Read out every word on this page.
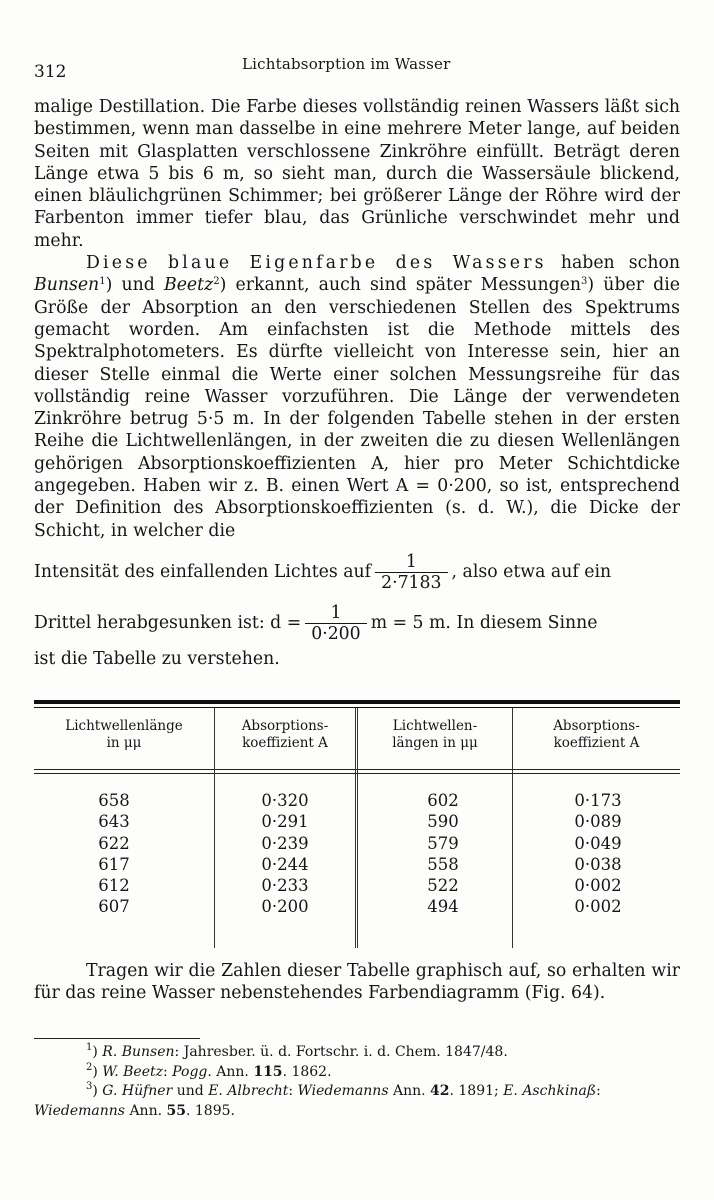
312	Lichtabsorption im Wasser

malige Destillation. Die Farbe dieses vollständig reinen Wassers läßt sich bestimmen, wenn man dasselbe in eine mehrere Meter lange, auf beiden Seiten mit Glasplatten verschlossene Zinkröhre einfüllt. Beträgt deren Länge etwa 5 bis 6 m, so sieht man, durch die Wassersäule blickend, einen bläulichgrünen Schimmer; bei größerer Länge der Röhre wird der Farbenton immer tiefer blau, das Grünliche verschwindet mehr und mehr.

Diese blaue Eigenfarbe des Wassers haben schon Bunsen$^1$) und Beetz$^2$) erkannt, auch sind später Messungen$^3$) über die Größe der Absorption an den verschiedenen Stellen des Spektrums gemacht worden. Am einfachsten ist die Methode mittels des Spektralphotometers. Es dürfte vielleicht von Interesse sein, hier an dieser Stelle einmal die Werte einer solchen Messungsreihe für das vollständig reine Wasser vorzuführen. Die Länge der verwendeten Zinkröhre betrug 5·5 m. In der folgenden Tabelle stehen in der ersten Reihe die Lichtwellenlängen, in der zweiten die zu diesen Wellenlängen gehörigen Absorptionskoeffizienten A, hier pro Meter Schichtdicke angegeben. Haben wir z. B. einen Wert A = 0·200, so ist, entsprechend der Definition des Absorptionskoeffizienten (s. d. W.), die Dicke der Schicht, in welcher die

Intensität des einfallenden Lichtes auf $\frac{1}{2\cdot 7183}$ , also etwa auf ein

Drittel herabgesunken ist: $d = \frac{1}{0\cdot 200}$ m = 5 m. In diesem Sinne

ist die Tabelle zu verstehen.

Lichtwellenlänge
in μμ
Absorptions-
koeffizient A
Lichtwellen-
längen in μμ
Absorptions-
koeffizient A
658
643
622
617
612
607
0·320
0·291
0·239
0·244
0·233
0·200
602
590
579
558
522
494
0·173
0·089
0·049
0·038
0·002
0·002

Tragen wir die Zahlen dieser Tabelle graphisch auf, so erhalten wir für das reine Wasser nebenstehendes Farbendiagramm (Fig. 64).

$^1$) R. Bunsen: Jahresber. ü. d. Fortschr. i. d. Chem. 1847/48.
$^2$) W. Beetz: Pogg. Ann. 115. 1862.
$^3$) G. Hüfner und E. Albrecht: Wiedemanns Ann. 42. 1891; E. Aschkinaß:
Wiedemanns Ann. 55. 1895.
